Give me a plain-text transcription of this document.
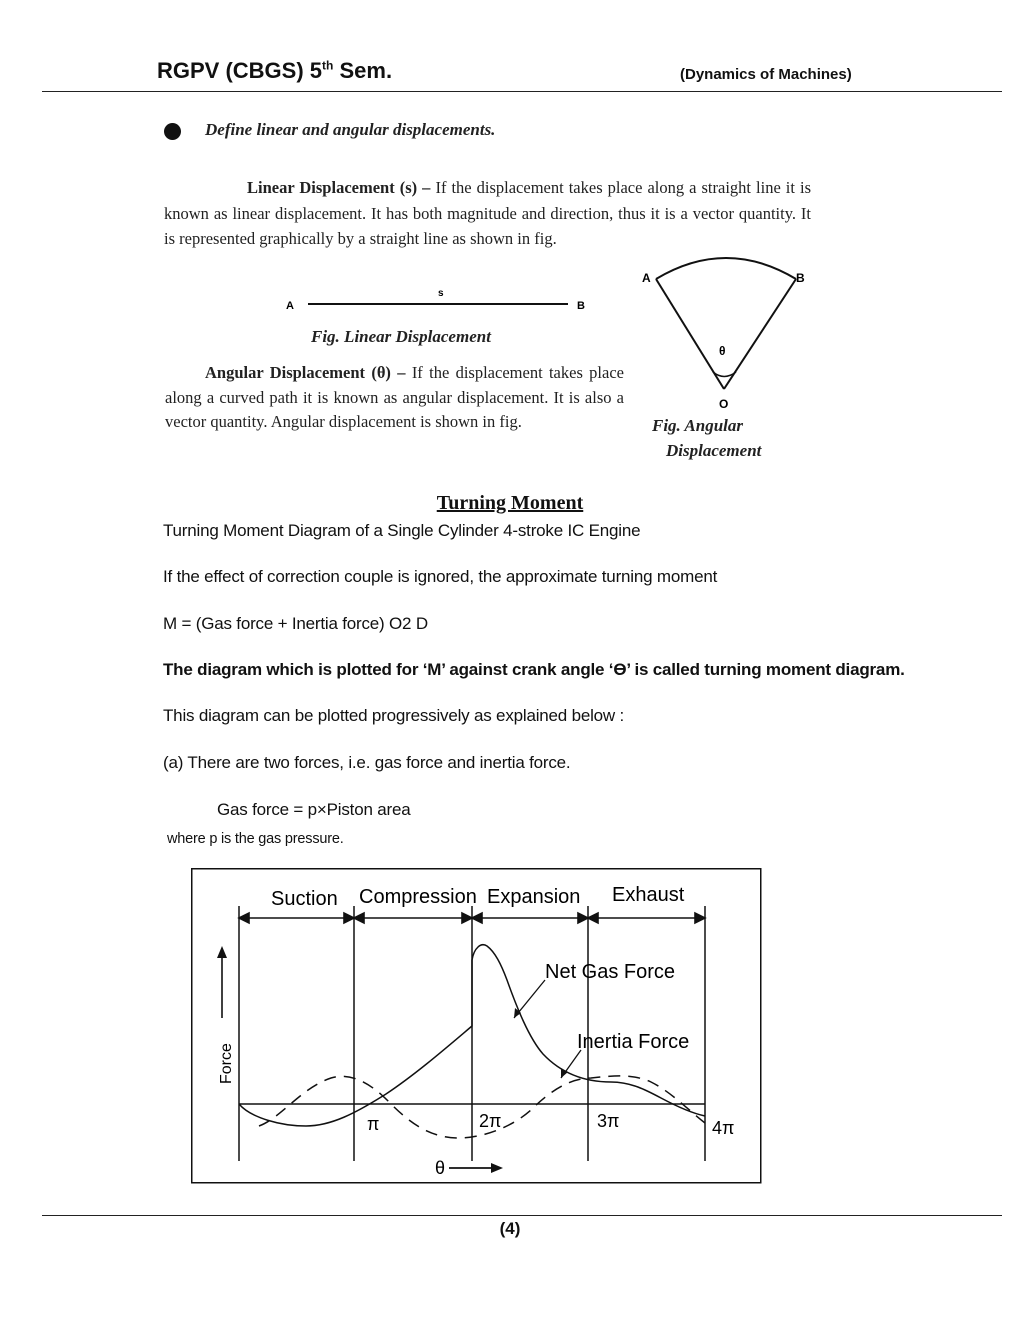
RGPV (CBGS) 5th Sem.	(Dynamics of Machines)
Define linear and angular displacements.
Linear Displacement (s) – If the displacement takes place along a straight line it is known as linear displacement. It has both magnitude and direction, thus it is a vector quantity. It is represented graphically by a straight line as shown in fig.
A
s
B
Fig. Linear Displacement
Angular Displacement (θ) – If the displacement takes place along a curved path it is known as angular displacement. It is also a vector quantity. Angular displacement is shown in fig.
A	B
θ
O
Fig. Angular
Displacement
Turning Moment
Turning Moment Diagram of a Single Cylinder 4-stroke IC Engine
If the effect of correction couple is ignored, the approximate turning moment
M = (Gas force + Inertia force) O2 D
The diagram which is plotted for ‘M’ against crank angle ‘Ɵ’ is called turning moment diagram.
This diagram can be plotted progressively as explained below :
(a) There are two forces, i.e. gas force and inertia force.
Gas force = p×Piston area
where p is the gas pressure.
Suction Compression Expansion Exhaust
Force
θ
π	2π	3π	4π
Net Gas Force
Inertia Force
(4)
